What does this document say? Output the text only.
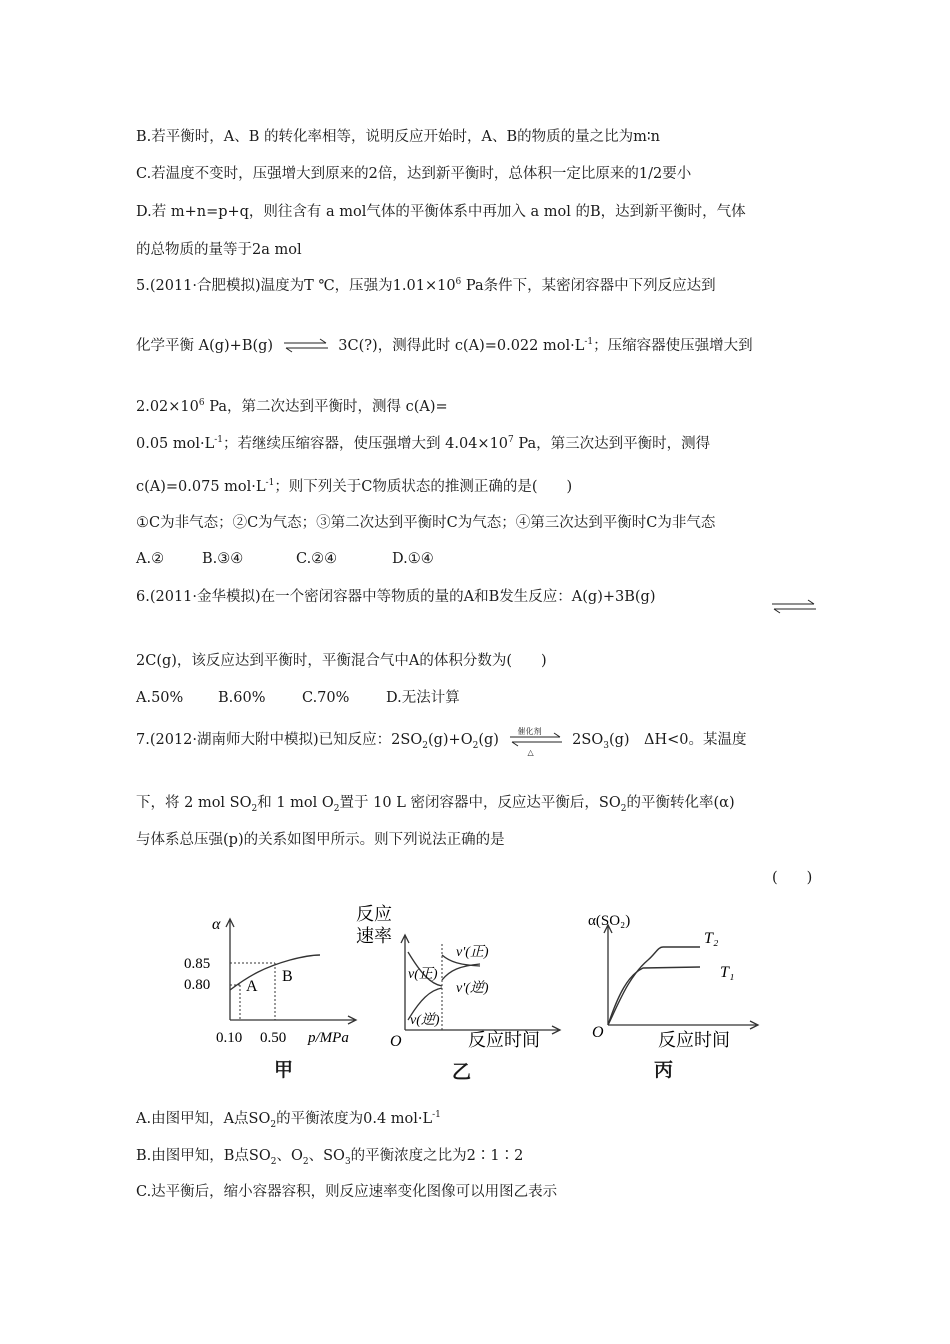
B.若平衡时，A、B 的转化率相等，说明反应开始时，A、B的物质的量之比为m∶n
C.若温度不变时，压强增大到原来的2倍，达到新平衡时，总体积一定比原来的1/2要小
D.若 m+n=p+q，则往含有 a mol气体的平衡体系中再加入 a mol 的B，达到新平衡时，气体
的总物质的量等于2a mol
5.(2011·合肥模拟)温度为T ℃，压强为$1.01\times 10^6$ Pa条件下，某密闭容器中下列反应达到
化学平衡 A(g)+B(g) ⇌ 3C(?)，测得此时 c(A)=0.022 $mol\cdot L^{-1}$；压缩容器使压强增大到
$2.02\times 10^6$ Pa，第二次达到平衡时，测得 c(A)=
0.05 $mol\cdot L^{-1}$；若继续压缩容器，使压强增大到 $4.04\times 10^7$ Pa，第三次达到平衡时，测得
c(A)=0.075 $mol\cdot L^{-1}$；则下列关于C物质状态的推测正确的是(　　)
①C为非气态；②C为气态；③第二次达到平衡时C为气态；④第三次达到平衡时C为非气态
A.②	B.③④	C.②④	D.①④
6.(2011·金华模拟)在一个密闭容器中等物质的量的A和B发生反应：A(g)+3B(g)
2C(g)，该反应达到平衡时，平衡混合气中A的体积分数为(　　)
A.50% B.60%	C.70%	D.无法计算
7.(2012·湖南师大附中模拟)已知反应：$2SO_2(g)+O_2(g)$
催化剂
△
$2SO_3(g)$　ΔH<0。某温度
下，将 2 mol $SO_2$和 1 mol $O_2$置于 10 L 密闭容器中，反应达平衡后，$SO_2$的平衡转化率(α)
与体系总压强(p)的关系如图甲所示。则下列说法正确的是
(　　)
α
0.85
0.80 A
B
0.10 0.50 p/MPa
甲
反应
速率
v(正)
v(逆)
v'(正)
v'(逆)
O	反应时间
乙
α(SO₂)
T₂
T₁
O	反应时间
丙
A.由图甲知，A点$SO_2$的平衡浓度为0.4 $mol\cdot L^{-1}$
B.由图甲知，B点$SO_2$、$O_2$、$SO_3$的平衡浓度之比为2∶1∶2
C.达平衡后，缩小容器容积，则反应速率变化图像可以用图乙表示
